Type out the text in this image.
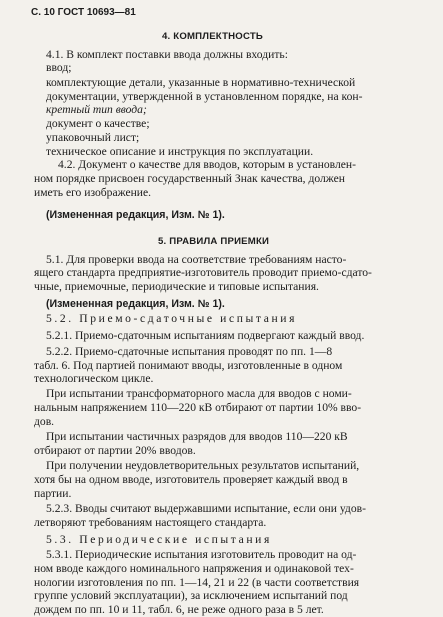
С. 10 ГОСТ 10693—81
4. КОМПЛЕКТНОСТЬ
4.1. В комплект поставки ввода должны входить:
ввод;
комплектующие детали, указанные в нормативно-технической
документации, утвержденной в установленном порядке, на кон-
кретный тип ввода;
документ о качестве;
упаковочный лист;
техническое описание и инструкция по эксплуатации.
4.2. Документ о качестве для вводов, которым в установлен-
ном порядке присвоен государственный Знак качества, должен
иметь его изображение.
(Измененная редакция, Изм. № 1).
5. ПРАВИЛА ПРИЕМКИ
5.1. Для проверки ввода на соответствие требованиям насто-
ящего стандарта предприятие-изготовитель проводит приемо-сдато-
чные, приемочные, периодические и типовые испытания.
(Измененная редакция, Изм. № 1).
5.2. Приемо-сдаточные испытания
5.2.1. Приемо-сдаточным испытаниям подвергают каждый ввод.
5.2.2. Приемо-сдаточные испытания проводят по пп. 1—8
табл. 6. Под партией понимают вводы, изготовленные в одном
технологическом цикле.
При испытании трансформаторного масла для вводов с номи-
нальным напряжением 110—220 кВ отбирают от партии 10% вво-
дов.
При испытании частичных разрядов для вводов 110—220 кВ
отбирают от партии 20% вводов.
При получении неудовлетворительных результатов испытаний,
хотя бы на одном вводе, изготовитель проверяет каждый ввод в
партии.
5.2.3. Вводы считают выдержавшими испытание, если они удов-
летворяют требованиям настоящего стандарта.
5.3. Периодические испытания
5.3.1. Периодические испытания изготовитель проводит на од-
ном вводе каждого номинального напряжения и одинаковой тех-
нологии изготовления по пп. 1—14, 21 и 22 (в части соответствия
группе условий эксплуатации), за исключением испытаний под
дождем по пп. 10 и 11, табл. 6, не реже одного раза в 5 лет.
